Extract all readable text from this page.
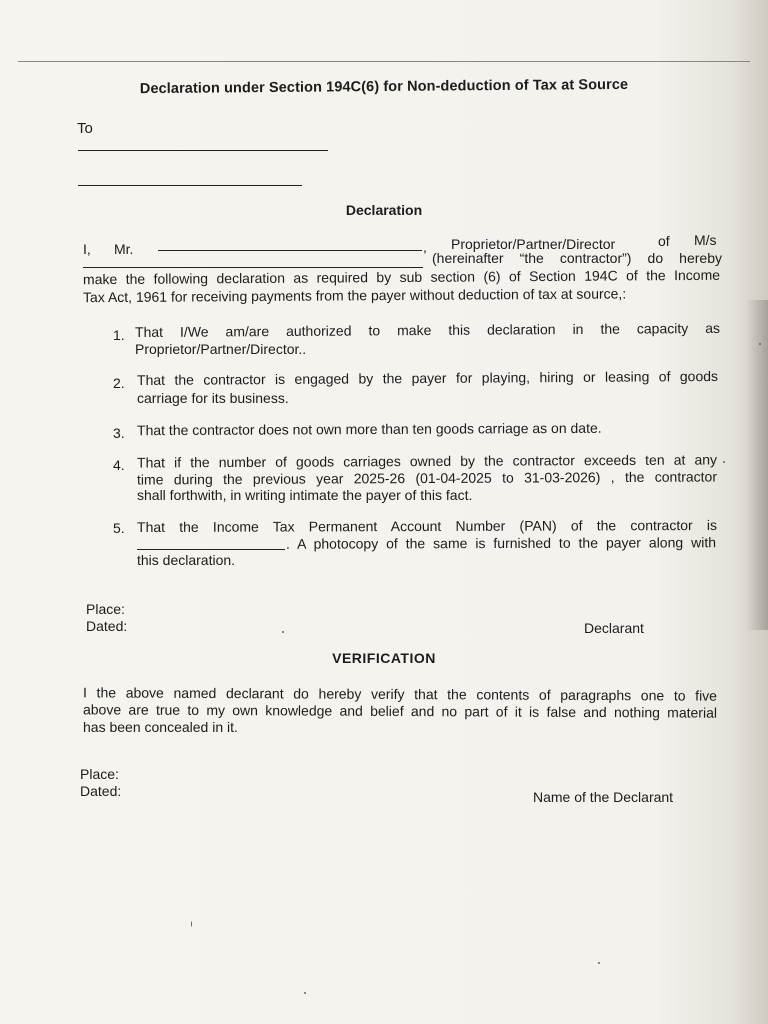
Declaration under Section 194C(6) for Non-deduction of Tax at Source
To
Declaration
I, Mr.	, Proprietor/Partner/Director	of M/s
(hereinafter “the contractor”) do hereby
make the following declaration as required by sub section (6) of Section 194C of the Income
Tax Act, 1961 for receiving payments from the payer without deduction of tax at source,:
1. That I/We am/are authorized to make this declaration in the capacity as
Proprietor/Partner/Director..
2. That the contractor is engaged by the payer for playing, hiring or leasing of goods
carriage for its business.
3. That the contractor does not own more than ten goods carriage as on date.
4. That if the number of goods carriages owned by the contractor exceeds ten at any
time during the previous year 2025-26 (01-04-2025 to 31-03-2026) , the contractor
shall forthwith, in writing intimate the payer of this fact.
5. That the Income Tax Permanent Account Number (PAN) of the contractor is
. A photocopy of the same is furnished to the payer along with
this declaration.
Place:
Dated:	Declarant
VERIFICATION
I the above named declarant do hereby verify that the contents of paragraphs one to five
above are true to my own knowledge and belief and no part of it is false and nothing material
has been concealed in it.
Place:
Dated:	Name of the Declarant
